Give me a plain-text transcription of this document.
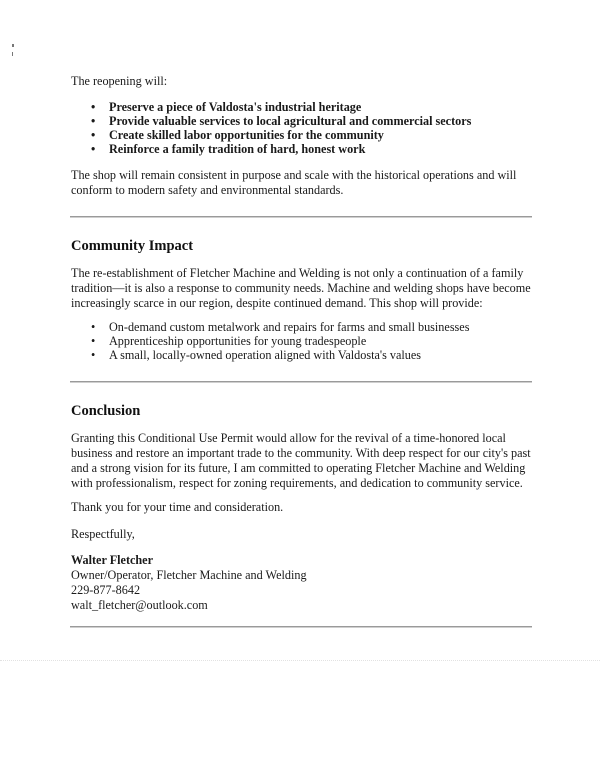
The reopening will:

•	Preserve a piece of Valdosta's industrial heritage
•	Provide valuable services to local agricultural and commercial sectors
•	Create skilled labor opportunities for the community
•	Reinforce a family tradition of hard, honest work

The shop will remain consistent in purpose and scale with the historical operations and will conform to modern safety and environmental standards.

Community Impact

The re-establishment of Fletcher Machine and Welding is not only a continuation of a family tradition—it is also a response to community needs. Machine and welding shops have become increasingly scarce in our region, despite continued demand. This shop will provide:

•	On-demand custom metalwork and repairs for farms and small businesses
•	Apprenticeship opportunities for young tradespeople
•	A small, locally-owned operation aligned with Valdosta's values
Conclusion

Granting this Conditional Use Permit would allow for the revival of a time-honored local business and restore an important trade to the community. With deep respect for our city's past and a strong vision for its future, I am committed to operating Fletcher Machine and Welding with professionalism, respect for zoning requirements, and dedication to community service.

Thank you for your time and consideration.

Respectfully,

Walter Fletcher

Owner/Operator, Fletcher Machine and Welding

229-877-8642

walt_fletcher@outlook.com
